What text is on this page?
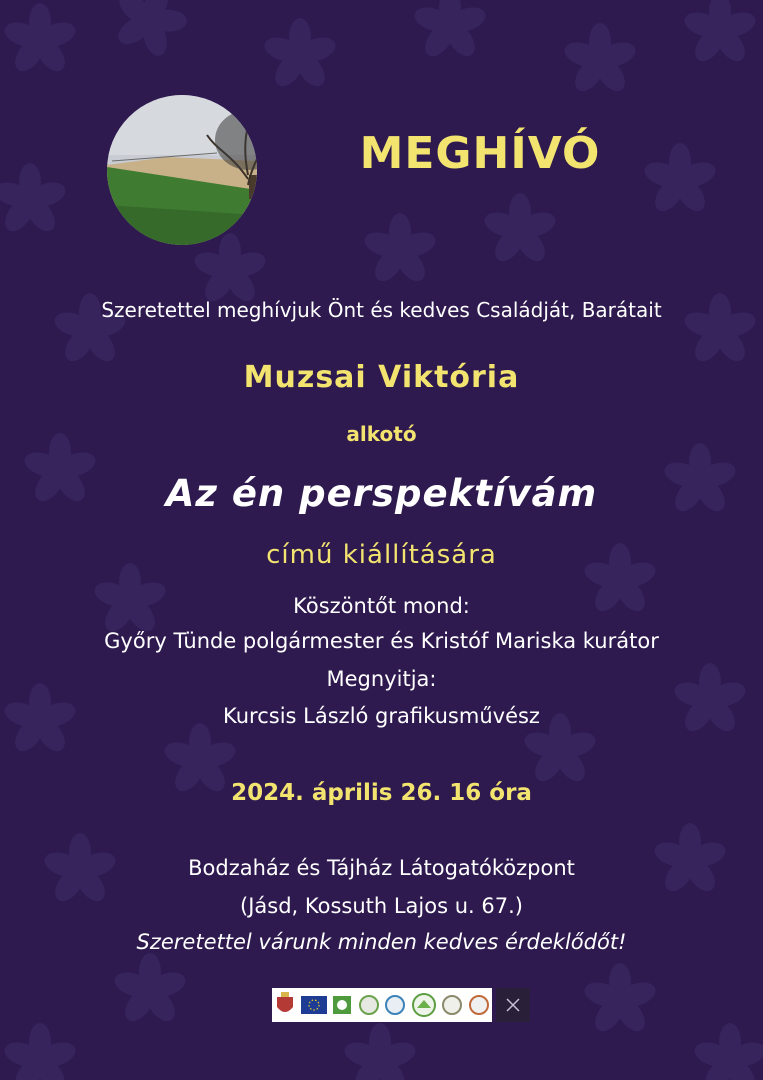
MEGHÍVÓ
Szeretettel meghívjuk Önt és kedves Családját, Barátait
Muzsai Viktória
alkotó
Az én perspektívám
című kiállítására
Köszöntőt mond:
Győry Tünde polgármester és Kristóf Mariska kurátor
Megnyitja:
Kurcsis László grafikusművész
2024. április 26. 16 óra
Bodzaház és Tájház Látogatóközpont
(Jásd, Kossuth Lajos u. 67.)
Szeretettel várunk minden kedves érdeklődőt!
